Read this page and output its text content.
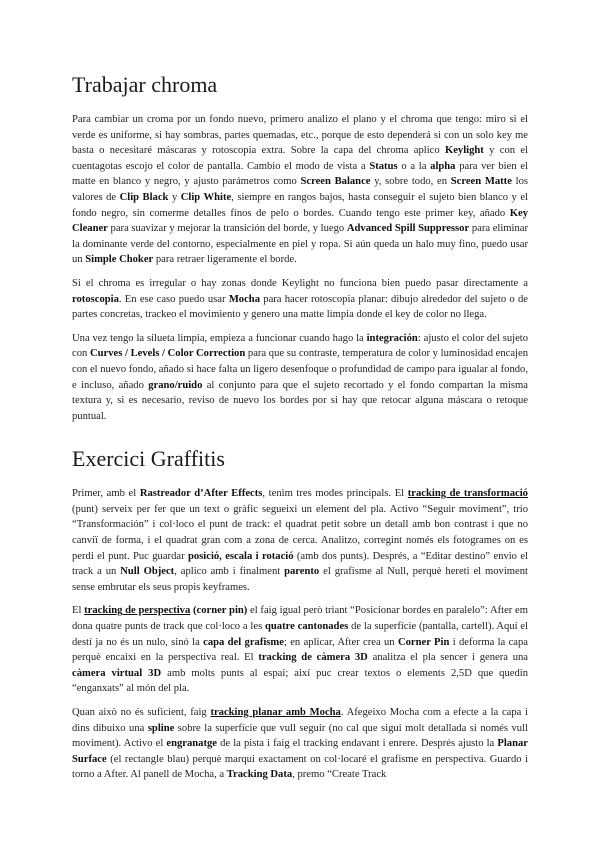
Trabajar chroma

Para cambiar un croma por un fondo nuevo, primero analizo el plano y el chroma que tengo: miro si el verde es uniforme, si hay sombras, partes quemadas, etc., porque de esto dependerá si con un solo key me basta o necesitaré máscaras y rotoscopia extra. Sobre la capa del chroma aplico Keylight y con el cuentagotas escojo el color de pantalla. Cambio el modo de vista a Status o a la alpha para ver bien el matte en blanco y negro, y ajusto parámetros como Screen Balance y, sobre todo, en Screen Matte los valores de Clip Black y Clip White, siempre en rangos bajos, hasta conseguir el sujeto bien blanco y el fondo negro, sin comerme detalles finos de pelo o bordes. Cuando tengo este primer key, añado Key Cleaner para suavizar y mejorar la transición del borde, y luego Advanced Spill Suppressor para eliminar la dominante verde del contorno, especialmente en piel y ropa. Si aún queda un halo muy fino, puedo usar un Simple Choker para retraer ligeramente el borde.

Si el chroma es irregular o hay zonas donde Keylight no funciona bien puedo pasar directamente a rotoscopia. En ese caso puedo usar Mocha para hacer rotoscopia planar: dibujo alrededor del sujeto o de partes concretas, trackeo el movimiento y genero una matte limpia donde el key de color no llega.

Una vez tengo la silueta limpia, empieza a funcionar cuando hago la integración: ajusto el color del sujeto con Curves / Levels / Color Correction para que su contraste, temperatura de color y luminosidad encajen con el nuevo fondo, añado si hace falta un ligero desenfoque o profundidad de campo para igualar al fondo, e incluso, añado grano/ruido al conjunto para que el sujeto recortado y el fondo compartan la misma textura y, si es necesario, reviso de nuevo los bordes por si hay que retocar alguna máscara o retoque puntual.

Exercici Graffitis

Primer, amb el Rastreador d’After Effects, tenim tres modes principals. El tracking de transformació (punt) serveix per fer que un text o gràfic segueixi un element del pla. Activo “Seguir moviment”, trio “Transformación” i col·loco el punt de track: el quadrat petit sobre un detall amb bon contrast i que no canviï de forma, i el quadrat gran com a zona de cerca. Analitzo, corregint només els fotogrames on es perdi el punt. Puc guardar posició, escala i rotació (amb dos punts). Després, a “Editar destino” envio el track a un Null Object, aplico amb i finalment parento el grafisme al Null, perquè hereti el moviment sense embrutar els seus propis keyframes.

El tracking de perspectiva (corner pin) el faig igual però triant “Posicionar bordes en paralelo”: After em dona quatre punts de track que col·loco a les quatre cantonades de la superfície (pantalla, cartell). Aquí el destí ja no és un nulo, sinó la capa del grafisme; en aplicar, After crea un Corner Pin i deforma la capa perquè encaixi en la perspectiva real. El tracking de càmera 3D analitza el pla sencer i genera una càmera virtual 3D amb molts punts al espai; així puc crear textos o elements 2,5D que quedin “enganxats” al món del pla.

Quan això no és suficient, faig tracking planar amb Mocha. Afegeixo Mocha com a efecte a la capa i dins dibuixo una spline sobre la superfície que vull seguir (no cal que sigui molt detallada si només vull moviment). Activo el engranatge de la pista i faig el tracking endavant i enrere. Després ajusto la Planar Surface (el rectangle blau) perquè marqui exactament on col·locaré el grafisme en perspectiva. Guardo i torno a After. Al panell de Mocha, a Tracking Data, premo “Create Track
